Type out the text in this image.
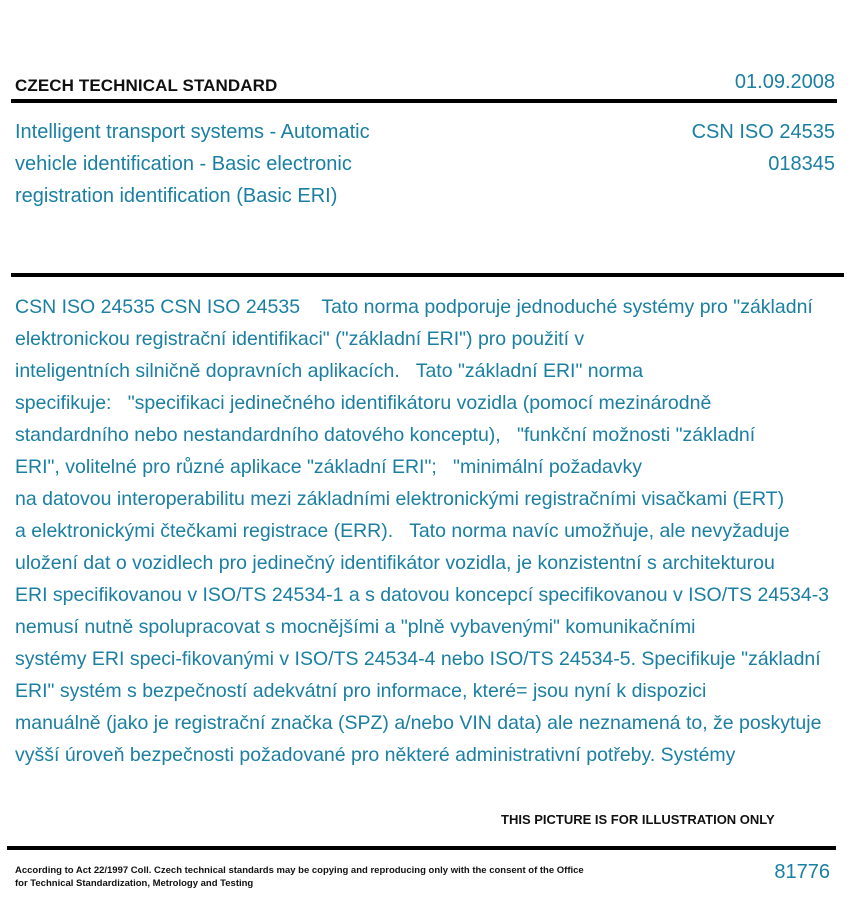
CZECH TECHNICAL STANDARD	01.09.2008
Intelligent transport systems - Automatic
vehicle identification - Basic electronic
registration identification (Basic ERI)
CSN ISO 24535
018345
CSN ISO 24535 CSN ISO 24535    Tato norma podporuje jednoduché systémy pro "základní
elektronickou registrační identifikaci" ("základní ERI") pro použití v
inteligentních silničně dopravních aplikacích.   Tato "základní ERI" norma
specifikuje:   "specifikaci jedinečného identifikátoru vozidla (pomocí mezinárodně
standardního nebo nestandardního datového konceptu),   "funkční možnosti "základní
ERI", volitelné pro různé aplikace "základní ERI";   "minimální požadavky
na datovou interoperabilitu mezi základními elektronickými registračními visačkami (ERT)
a elektronickými čtečkami registrace (ERR).   Tato norma navíc umožňuje, ale nevyžaduje
uložení dat o vozidlech pro jedinečný identifikátor vozidla, je konzistentní s architekturou
ERI specifikovanou v ISO/TS 24534-1 a s datovou koncepcí specifikovanou v ISO/TS 24534-3
nemusí nutně spolupracovat s mocnějšími a "plně vybavenými" komunikačními
systémy ERI speci-fikovanými v ISO/TS 24534-4 nebo ISO/TS 24534-5. Specifikuje "základní
ERI" systém s bezpečností adekvátní pro informace, které= jsou nyní k dispozici
manuálně (jako je registrační značka (SPZ) a/nebo VIN data) ale neznamená to, že poskytuje
vyšší úroveň bezpečnosti požadované pro některé administrativní potřeby. Systémy
THIS PICTURE IS FOR ILLUSTRATION ONLY
According to Act 22/1997 Coll. Czech technical standards may be copying and reproducing only with the consent of the Office
for Technical Standardization, Metrology and Testing
81776
